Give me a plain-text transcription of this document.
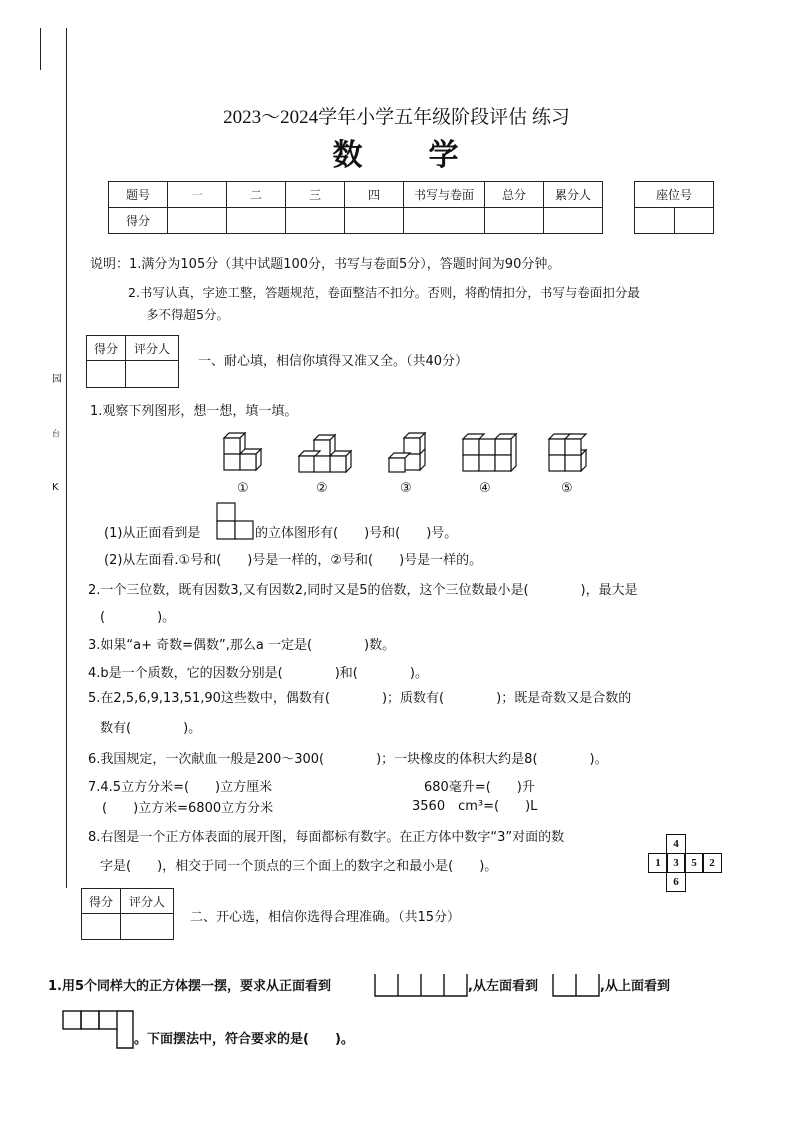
园
台
K
2023～2024学年小学五年级阶段评估 练习
数　　学
题号	一	二	三	四	书写与卷面	总分	累分人
得分							
座位号

说明：1.满分为105分（其中试题100分，书写与卷面5分），答题时间为90分钟。
2.书写认真，字迹工整，答题规范，卷面整洁不扣分。否则，将酌情扣分，书写与卷面扣分最
多不得超5分。
得分	评分人

一、耐心填，相信你填得又准又全。（共40分）
1.观察下列图形，想一想，填一填。
①	②	③	④	⑤
(1)从正面看到是	的立体图形有(　　)号和(　　)号。
(2)从左面看.①号和(　　)号是一样的，②号和(　　)号是一样的。
2.一个三位数，既有因数3,又有因数2,同时又是5的倍数，这个三位数最小是(　　　　)，最大是
(　　　　)。
3.如果“a+ 奇数=偶数”,那么a 一定是(　　　　)数。
4.b是一个质数，它的因数分别是(　　　　)和(　　　　)。
5.在2,5,6,9,13,51,90这些数中，偶数有(　　　　)；质数有(　　　　)；既是奇数又是合数的
数有(　　　　)。
6.我国规定，一次献血一般是200～300(　　　　)；一块橡皮的体积大约是8(　　　　)。
7.4.5立方分米=(　　)立方厘米	680毫升=(　　)升
(　　)立方米=6800立方分米	3560　cm³=(　　)L
8.右图是一个正方体表面的展开图，每面都标有数字。在正方体中数字“3”对面的数
字是(　　)，相交于同一个顶点的三个面上的数字之和最小是(　　)。
4
1	3	5	2
6
得分	评分人

二、开心选，相信你选得合理准确。（共15分）
1.用5个同样大的正方体摆一摆，要求从正面看到	,从左面看到	,从上面看到
。下面摆法中，符合要求的是(　　)。
